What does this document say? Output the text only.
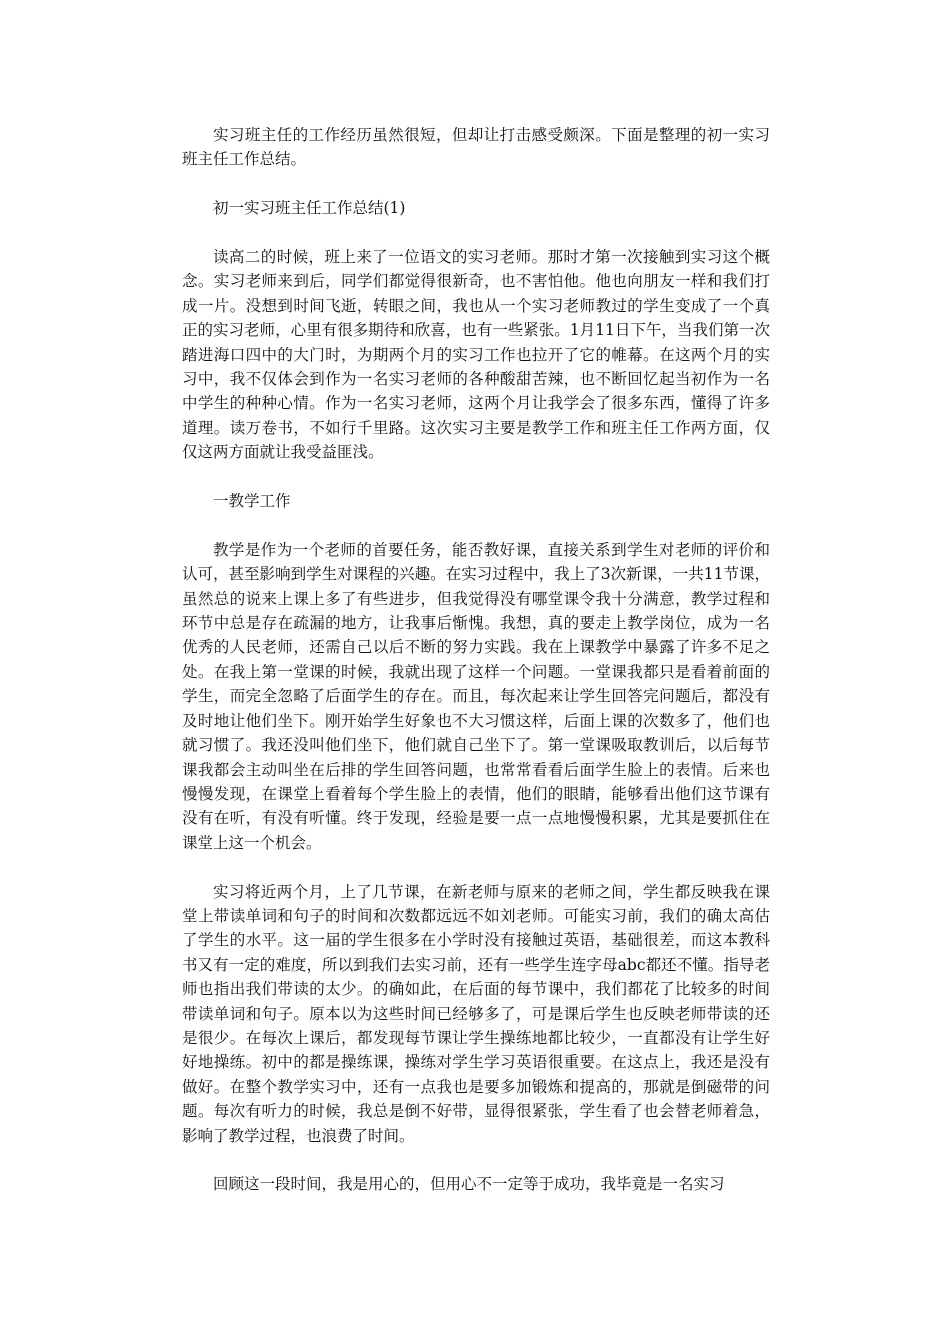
实习班主任的工作经历虽然很短，但却让打击感受颇深。下面是整理的初一实习班主任工作总结。

初一实习班主任工作总结(1)

读高二的时候，班上来了一位语文的实习老师。那时才第一次接触到实习这个概念。实习老师来到后，同学们都觉得很新奇，也不害怕他。他也向朋友一样和我们打成一片。没想到时间飞逝，转眼之间，我也从一个实习老师教过的学生变成了一个真正的实习老师，心里有很多期待和欣喜，也有一些紧张。1月11日下午，当我们第一次踏进海口四中的大门时，为期两个月的实习工作也拉开了它的帷幕。在这两个月的实习中，我不仅体会到作为一名实习老师的各种酸甜苦辣，也不断回忆起当初作为一名中学生的种种心情。作为一名实习老师，这两个月让我学会了很多东西，懂得了许多道理。读万卷书，不如行千里路。这次实习主要是教学工作和班主任工作两方面，仅仅这两方面就让我受益匪浅。

一教学工作

教学是作为一个老师的首要任务，能否教好课，直接关系到学生对老师的评价和认可，甚至影响到学生对课程的兴趣。在实习过程中，我上了3次新课，一共11节课，虽然总的说来上课上多了有些进步，但我觉得没有哪堂课令我十分满意，教学过程和环节中总是存在疏漏的地方，让我事后惭愧。我想，真的要走上教学岗位，成为一名优秀的人民老师，还需自己以后不断的努力实践。我在上课教学中暴露了许多不足之处。在我上第一堂课的时候，我就出现了这样一个问题。一堂课我都只是看着前面的学生，而完全忽略了后面学生的存在。而且，每次起来让学生回答完问题后，都没有及时地让他们坐下。刚开始学生好象也不大习惯这样，后面上课的次数多了，他们也就习惯了。我还没叫他们坐下，他们就自己坐下了。第一堂课吸取教训后，以后每节课我都会主动叫坐在后排的学生回答问题，也常常看看后面学生脸上的表情。后来也慢慢发现，在课堂上看着每个学生脸上的表情，他们的眼睛，能够看出他们这节课有没有在听，有没有听懂。终于发现，经验是要一点一点地慢慢积累，尤其是要抓住在课堂上这一个机会。

实习将近两个月，上了几节课，在新老师与原来的老师之间，学生都反映我在课堂上带读单词和句子的时间和次数都远远不如刘老师。可能实习前，我们的确太高估了学生的水平。这一届的学生很多在小学时没有接触过英语，基础很差，而这本教科书又有一定的难度，所以到我们去实习前，还有一些学生连字母abc都还不懂。指导老师也指出我们带读的太少。的确如此，在后面的每节课中，我们都花了比较多的时间带读单词和句子。原本以为这些时间已经够多了，可是课后学生也反映老师带读的还是很少。在每次上课后，都发现每节课让学生操练地都比较少，一直都没有让学生好好地操练。初中的都是操练课，操练对学生学习英语很重要。在这点上，我还是没有做好。在整个教学实习中，还有一点我也是要多加锻炼和提高的，那就是倒磁带的问题。每次有听力的时候，我总是倒不好带，显得很紧张，学生看了也会替老师着急，影响了教学过程，也浪费了时间。

回顾这一段时间，我是用心的，但用心不一定等于成功，我毕竟是一名实习
